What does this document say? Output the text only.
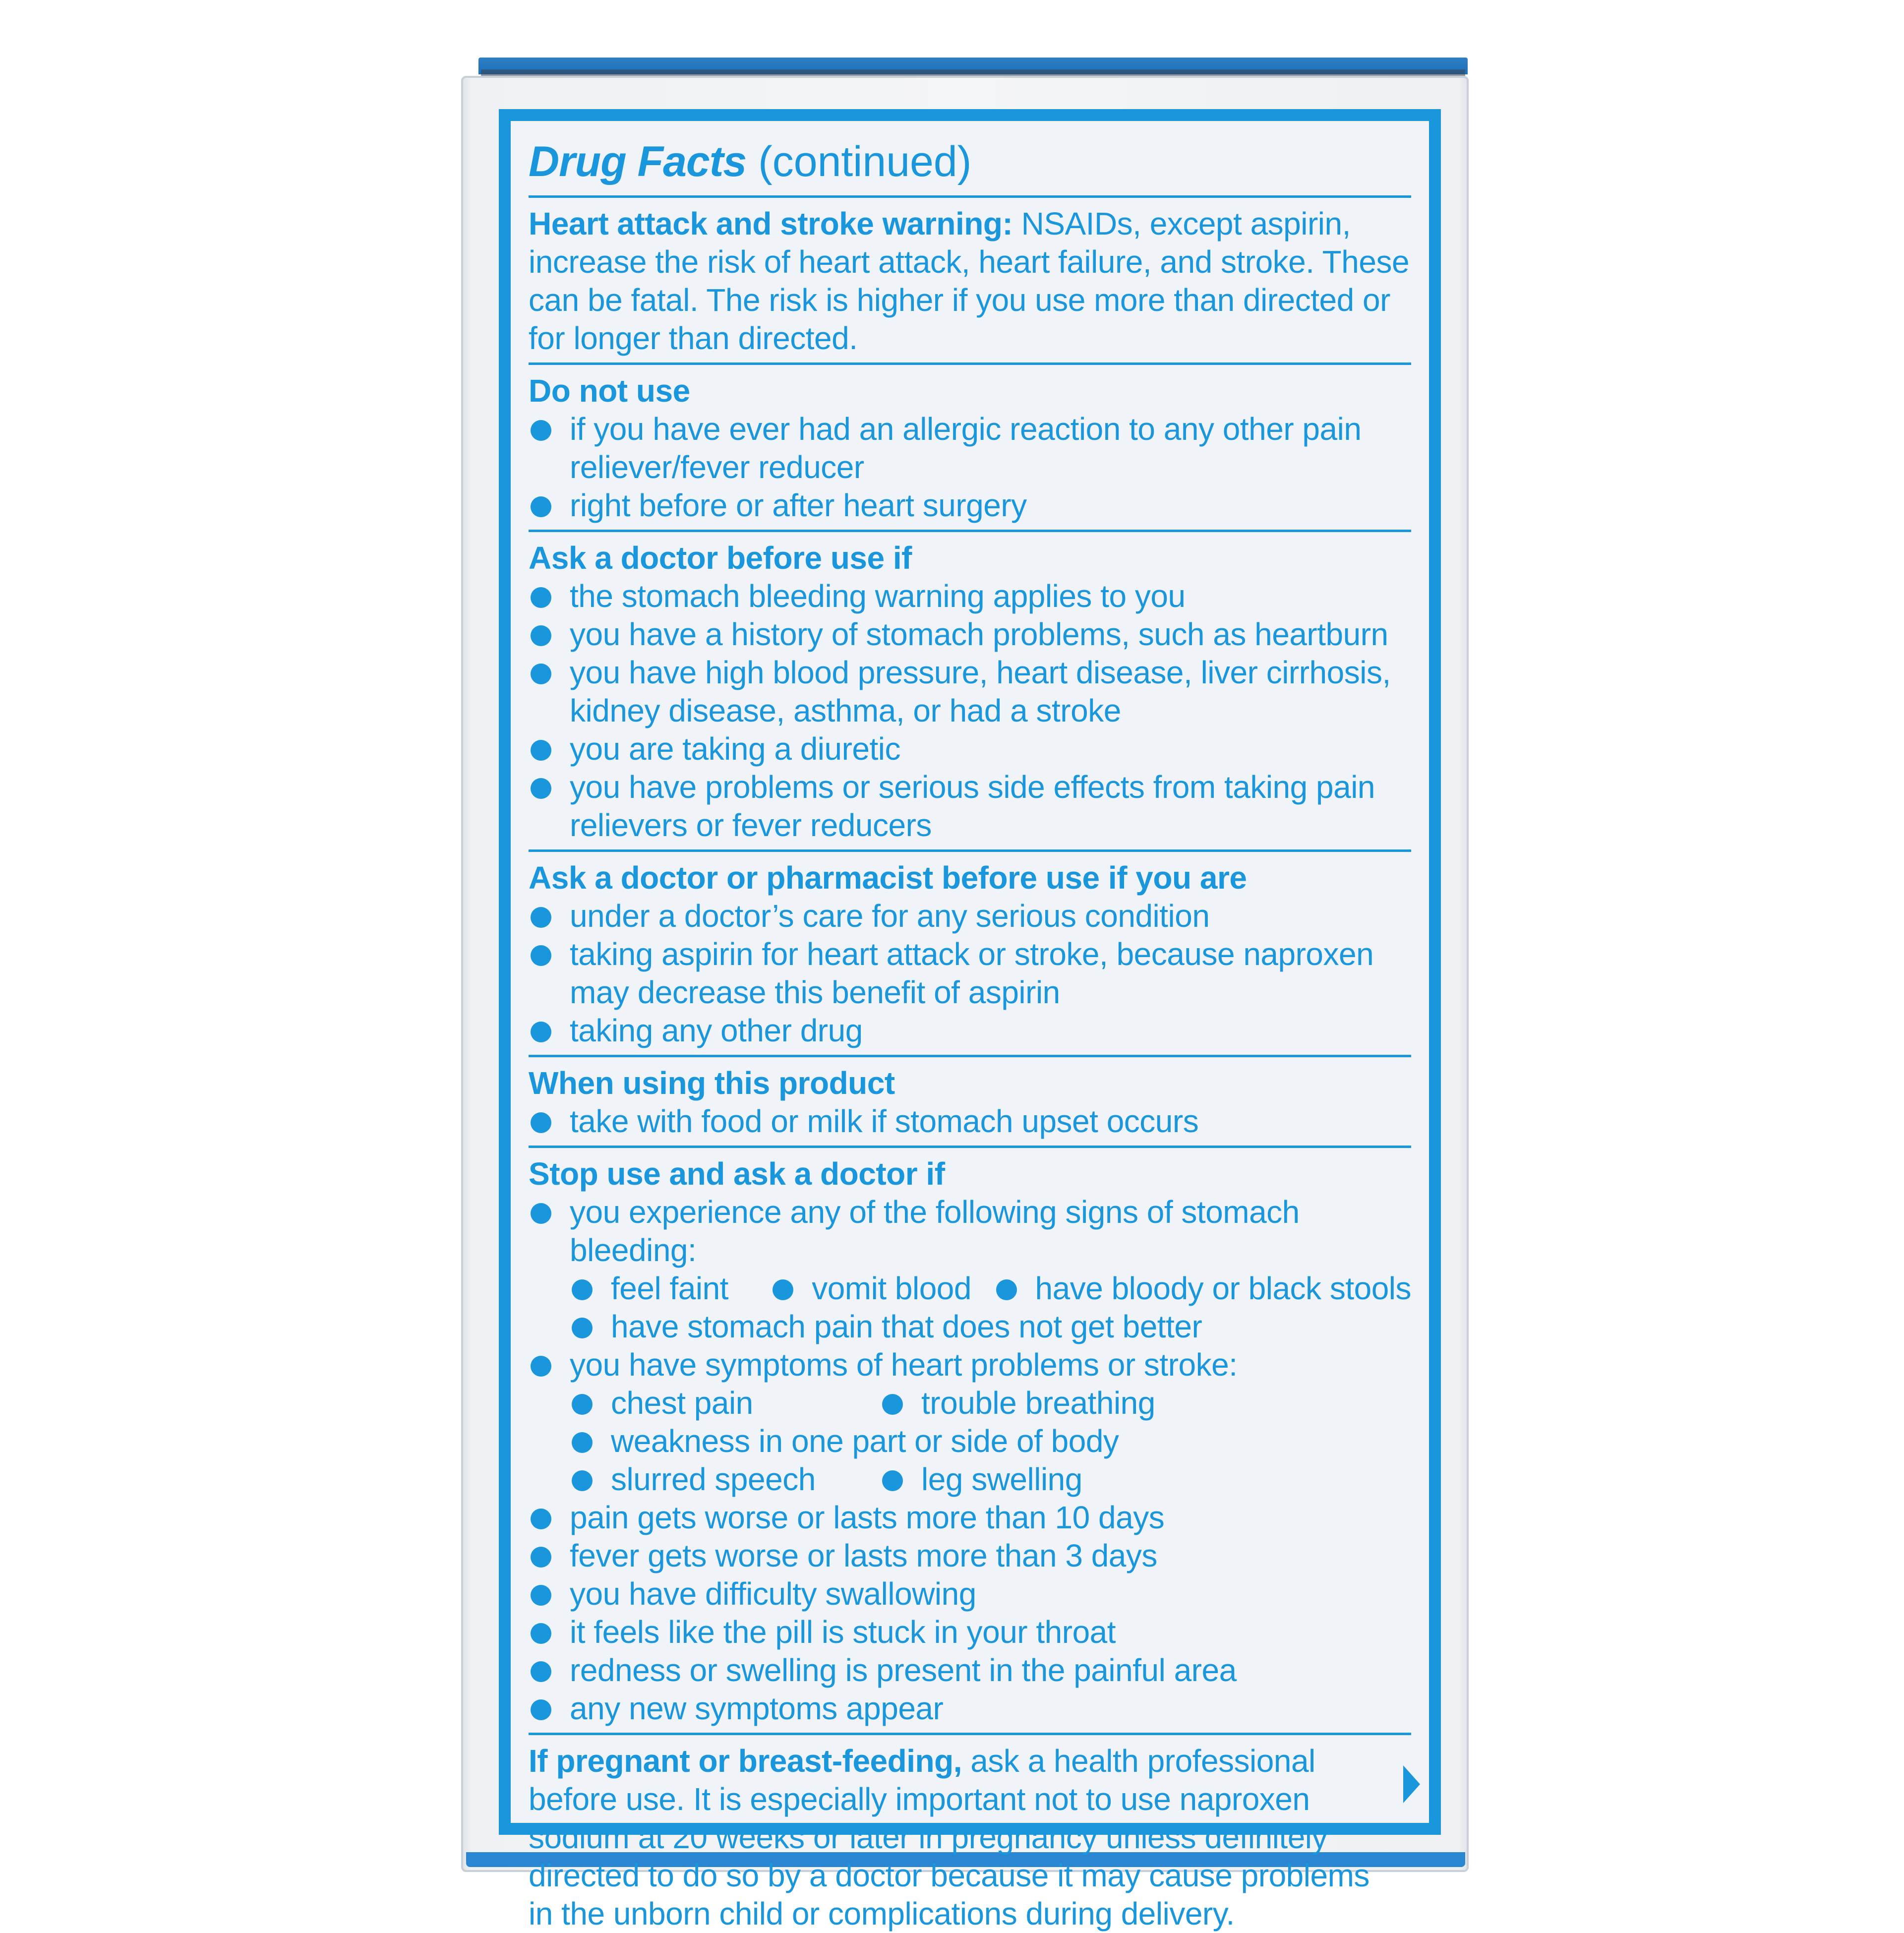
Drug Facts (continued)
Heart attack and stroke warning: NSAIDs, except aspirin, increase the risk of heart attack, heart failure, and stroke. These can be fatal. The risk is higher if you use more than directed or for longer than directed.
Do not use
if you have ever had an allergic reaction to any other pain reliever/fever reducer
right before or after heart surgery
Ask a doctor before use if
the stomach bleeding warning applies to you
you have a history of stomach problems, such as heartburn
you have high blood pressure, heart disease, liver cirrhosis, kidney disease, asthma, or had a stroke
you are taking a diuretic
you have problems or serious side effects from taking pain relievers or fever reducers
Ask a doctor or pharmacist before use if you are
under a doctor’s care for any serious condition
taking aspirin for heart attack or stroke, because naproxen may decrease this benefit of aspirin
taking any other drug
When using this product
take with food or milk if stomach upset occurs
Stop use and ask a doctor if
you experience any of the following signs of stomach bleeding:
feel faint	vomit blood	have bloody or black stools
have stomach pain that does not get better
you have symptoms of heart problems or stroke:
chest pain	trouble breathing
weakness in one part or side of body
slurred speech	leg swelling
pain gets worse or lasts more than 10 days
fever gets worse or lasts more than 3 days
you have difficulty swallowing
it feels like the pill is stuck in your throat
redness or swelling is present in the painful area
any new symptoms appear
If pregnant or breast-feeding, ask a health professional before use. It is especially important not to use naproxen sodium at 20 weeks or later in pregnancy unless definitely directed to do so by a doctor because it may cause problems in the unborn child or complications during delivery.
